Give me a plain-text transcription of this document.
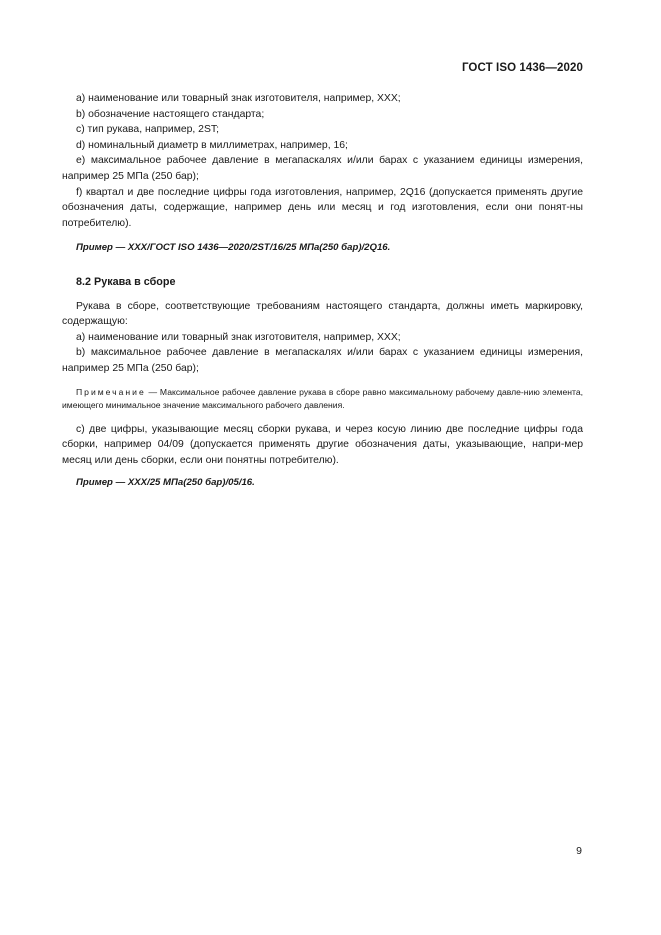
ГОСТ ISO 1436—2020

а) наименование или товарный знак изготовителя, например, XXX;

b) обозначение настоящего стандарта;

с) тип рукава, например, 2ST;

d) номинальный диаметр в миллиметрах, например, 16;

е) максимальное рабочее давление в мегапаскалях и/или барах с указанием единицы измерения, например 25 МПа (250 бар);

f) квартал и две последние цифры года изготовления, например, 2Q16 (допускается применять другие обозначения даты, содержащие, например день или месяц и год изготовления, если они понят-ны потребителю).

Пример — XXX/ГОСТ ISO 1436—2020/2ST/16/25 МПа(250 бар)/2Q16.

8.2 Рукава в сборе

Рукава в сборе, соответствующие требованиям настоящего стандарта, должны иметь маркировку, содержащую:

а) наименование или товарный знак изготовителя, например, XXX;

b) максимальное рабочее давление в мегапаскалях и/или барах с указанием единицы измерения, например 25 МПа (250 бар);

Примечание — Максимальное рабочее давление рукава в сборе равно максимальному рабочему давле-нию элемента, имеющего минимальное значение максимального рабочего давления.

с) две цифры, указывающие месяц сборки рукава, и через косую линию две последние цифры года сборки, например 04/09 (допускается применять другие обозначения даты, указывающие, напри-мер месяц или день сборки, если они понятны потребителю).

Пример — XXX/25 МПа(250 бар)/05/16.

9
